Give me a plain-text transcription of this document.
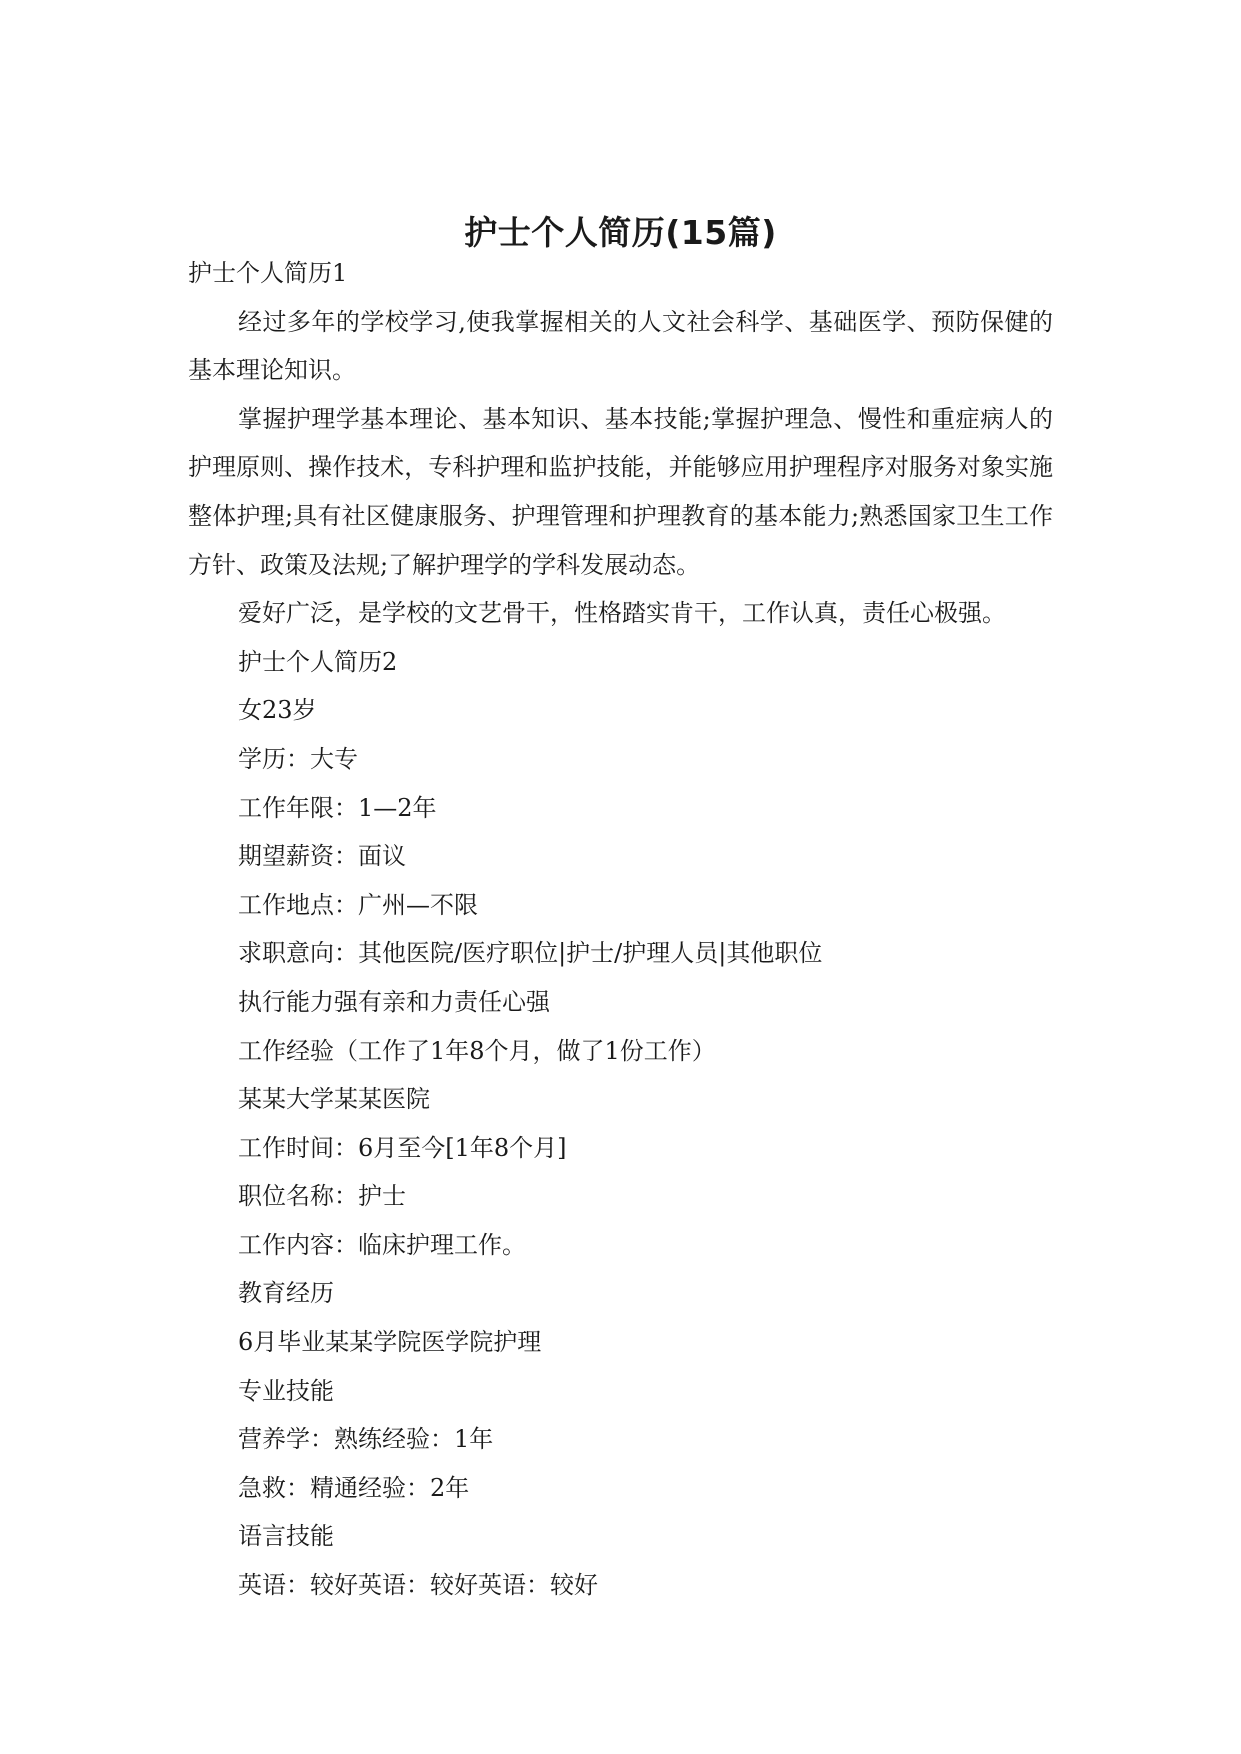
护士个人简历(15篇)

护士个人简历1

经过多年的学校学习,使我掌握相关的人文社会科学、基础医学、预防保健的基本理论知识。

掌握护理学基本理论、基本知识、基本技能;掌握护理急、慢性和重症病人的护理原则、操作技术，专科护理和监护技能，并能够应用护理程序对服务对象实施整体护理;具有社区健康服务、护理管理和护理教育的基本能力;熟悉国家卫生工作方针、政策及法规;了解护理学的学科发展动态。

爱好广泛，是学校的文艺骨干，性格踏实肯干，工作认真，责任心极强。

护士个人简历2

女23岁

学历：大专

工作年限：1—2年

期望薪资：面议

工作地点：广州—不限

求职意向：其他医院/医疗职位|护士/护理人员|其他职位

执行能力强有亲和力责任心强

工作经验（工作了1年8个月，做了1份工作）

某某大学某某医院

工作时间：6月至今[1年8个月]

职位名称：护士

工作内容：临床护理工作。

教育经历

6月毕业某某学院医学院护理

专业技能

营养学：熟练经验：1年

急救：精通经验：2年

语言技能

英语：较好英语：较好英语：较好
